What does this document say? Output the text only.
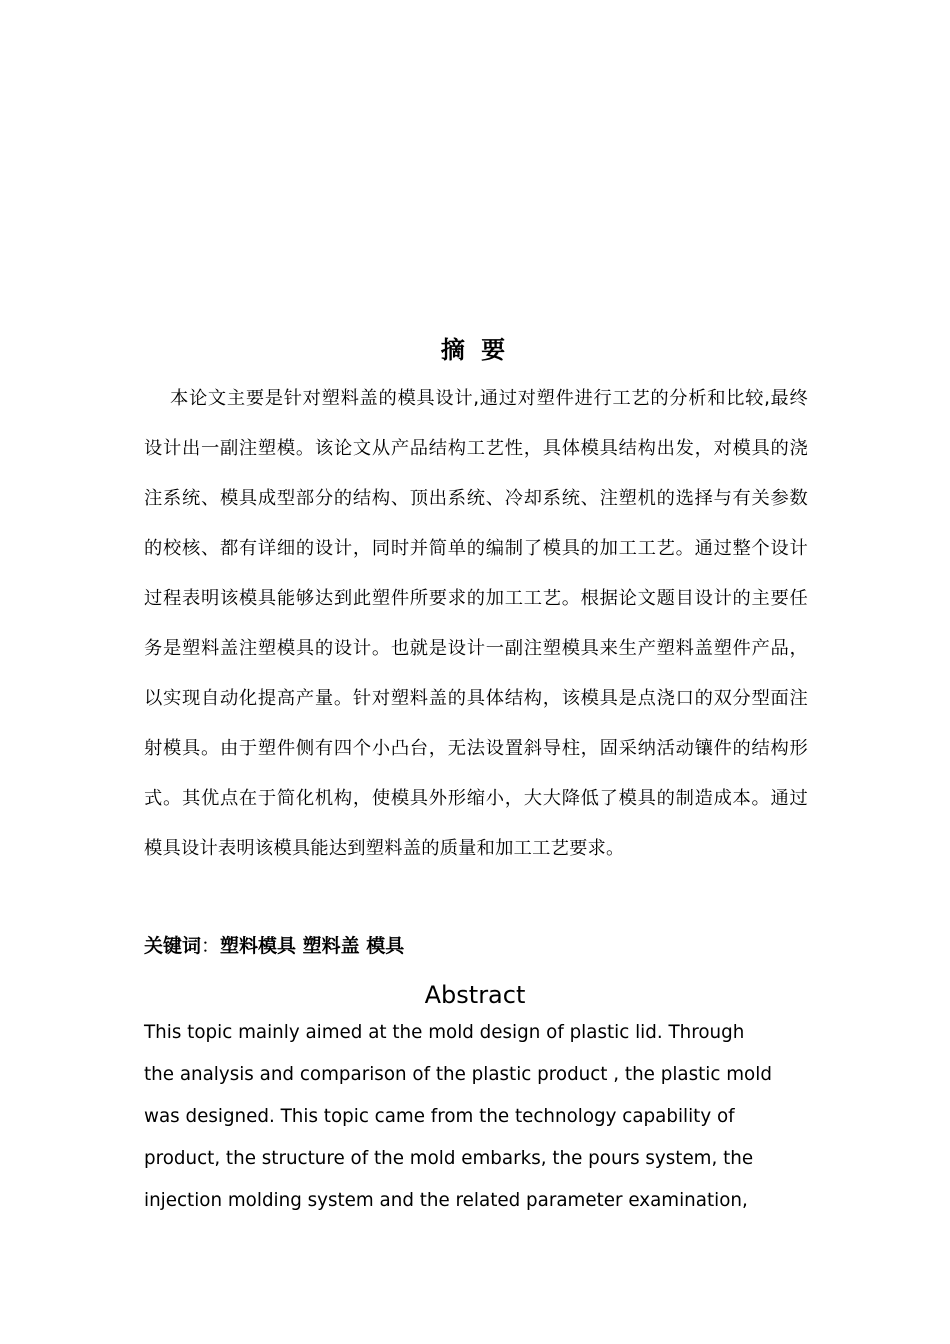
摘 要

本论文主要是针对塑料盖的模具设计,通过对塑件进行工艺的分析和比较,最终设计出一副注塑模。该论文从产品结构工艺性，具体模具结构出发，对模具的浇注系统、模具成型部分的结构、顶出系统、冷却系统、注塑机的选择与有关参数的校核、都有详细的设计，同时并简单的编制了模具的加工工艺。通过整个设计过程表明该模具能够达到此塑件所要求的加工工艺。根据论文题目设计的主要任务是塑料盖注塑模具的设计。也就是设计一副注塑模具来生产塑料盖塑件产品，以实现自动化提高产量。针对塑料盖的具体结构，该模具是点浇口的双分型面注射模具。由于塑件侧有四个小凸台，无法设置斜导柱，固采纳活动镶件的结构形式。其优点在于简化机构，使模具外形缩小，大大降低了模具的制造成本。通过模具设计表明该模具能达到塑料盖的质量和加工工艺要求。

关键词：塑料模具 塑料盖 模具
Abstract

This topic mainly aimed at the mold design of plastic lid. Through
the analysis and comparison of the plastic product , the plastic mold
was designed. This topic came from the technology capability of
product, the structure of the mold embarks, the pours system, the
injection molding system and the related parameter examination,
